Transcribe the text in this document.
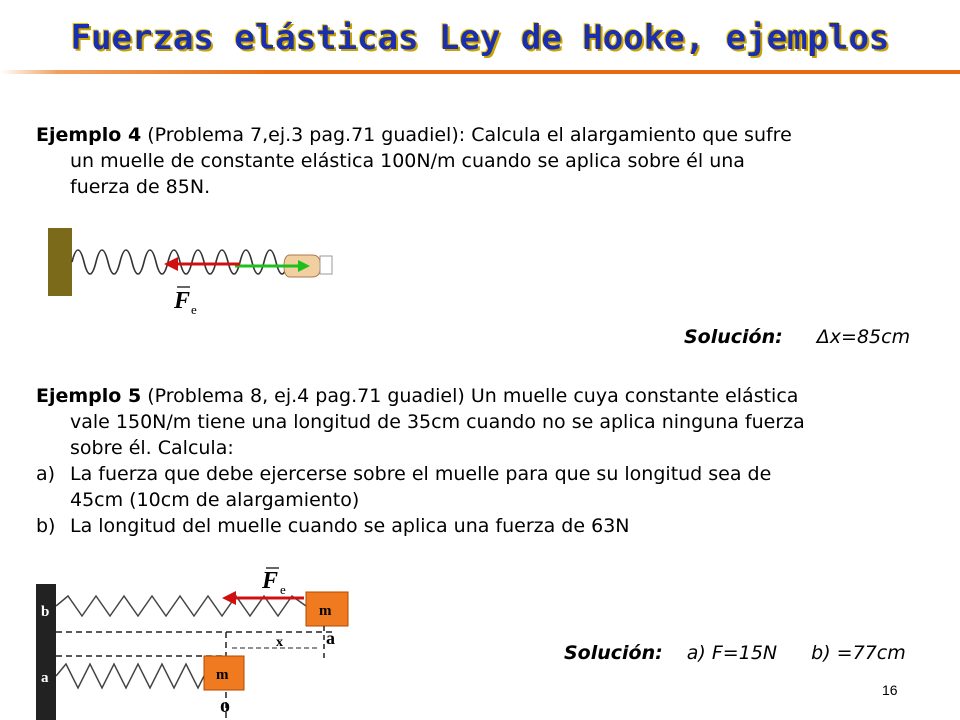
Fuerzas elásticas Ley de Hooke, ejemplos
Ejemplo 4 (Problema 7,ej.3 pag.71 guadiel): Calcula el alargamiento que sufre
un muelle de constante elástica 100N/m cuando se aplica sobre él una
fuerza de 85N.
F e
Solución: Δx=85cm
Ejemplo 5 (Problema 8, ej.4 pag.71 guadiel) Un muelle cuya constante elástica
vale 150N/m tiene una longitud de 35cm cuando no se aplica ninguna fuerza
sobre él. Calcula:
a) La fuerza que debe ejercerse sobre el muelle para que su longitud sea de
45cm (10cm de alargamiento)
b) La longitud del muelle cuando se aplica una fuerza de 63N
b
a
m
x a
m
o
F e
Solución: a) F=15N b) =77cm
16
